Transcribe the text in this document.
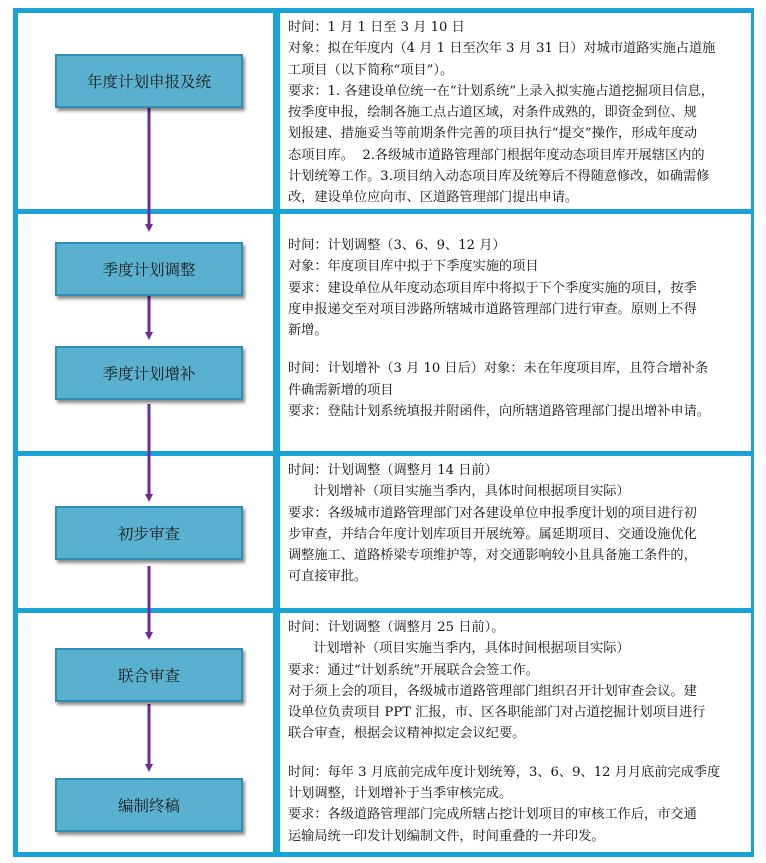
时间：1 月 1 日至 3 月 10 日

对象：拟在年度内（4 月 1 日至次年 3 月 31 日）对城市道路实施占道施

工项目（以下简称“项目”）。

要求：1. 各建设单位统一在“计划系统”上录入拟实施占道挖掘项目信息，

按季度申报，绘制各施工点占道区域，对条件成熟的，即资金到位、规

划报建、措施妥当等前期条件完善的项目执行“提交”操作，形成年度动

态项目库。  2.各级城市道路管理部门根据年度动态项目库开展辖区内的

计划统筹工作。3.项目纳入动态项目库及统筹后不得随意修改，如确需修

改，建设单位应向市、区道路管理部门提出申请。

时间：计划调整（3、6、9、12 月）

对象：年度项目库中拟于下季度实施的项目

要求：建设单位从年度动态项目库中将拟于下个季度实施的项目，按季

度申报递交至对项目涉路所辖城市道路管理部门进行审查。原则上不得

新增。

时间：计划增补（3 月 10 日后）对象：未在年度项目库，且符合增补条

件确需新增的项目

要求：登陆计划系统填报并附函件，向所辖道路管理部门提出增补申请。

时间：计划调整（调整月 14 日前）

计划增补（项目实施当季内，具体时间根据项目实际）

要求：各级城市道路管理部门对各建设单位申报季度计划的项目进行初

步审查，并结合年度计划库项目开展统筹。属延期项目、交通设施优化

调整施工、道路桥梁专项维护等，对交通影响较小且具备施工条件的，

可直接审批。

时间：计划调整（调整月 25 日前）。

计划增补（项目实施当季内，具体时间根据项目实际）

要求：通过“计划系统”开展联合会签工作。

对于须上会的项目，各级城市道路管理部门组织召开计划审查会议。建

设单位负责项目 PPT 汇报，市、区各职能部门对占道挖掘计划项目进行

联合审查，根据会议精神拟定会议纪要。

时间：每年 3 月底前完成年度计划统筹，3、6、9、12 月月底前完成季度

计划调整，计划增补于当季审核完成。

要求：各级道路管理部门完成所辖占挖计划项目的审核工作后，市交通

运输局统一印发计划编制文件，时间重叠的一并印发。

年度计划申报及统
季度计划调整
季度计划增补
初步审查
联合审查
编制终稿
